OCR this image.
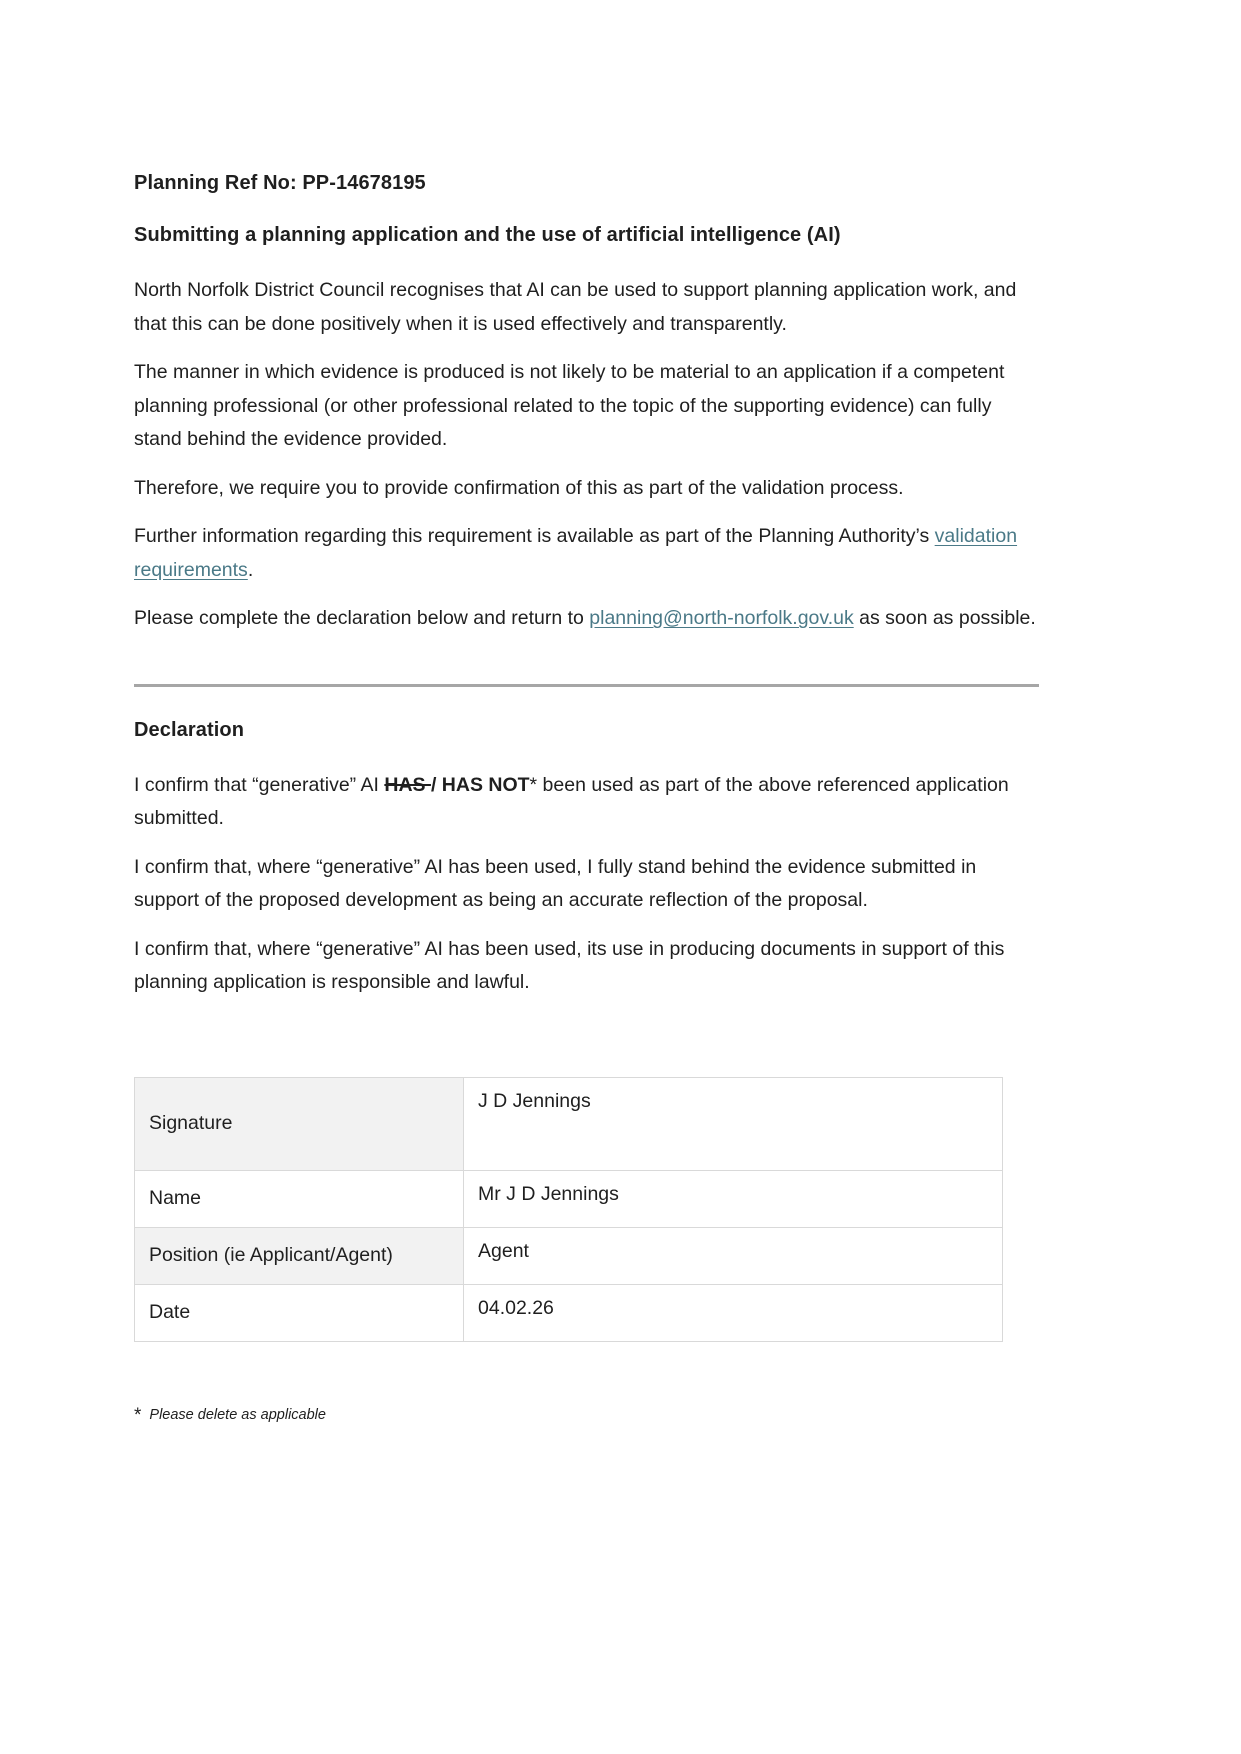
Planning Ref No: PP-14678195
Submitting a planning application and the use of artificial intelligence (AI)

North Norfolk District Council recognises that AI can be used to support planning application work, and that this can be done positively when it is used effectively and transparently.

The manner in which evidence is produced is not likely to be material to an application if a competent planning professional (or other professional related to the topic of the supporting evidence) can fully stand behind the evidence provided.

Therefore, we require you to provide confirmation of this as part of the validation process.

Further information regarding this requirement is available as part of the Planning Authority’s validation requirements.

Please complete the declaration below and return to planning@north-norfolk.gov.uk as soon as possible.

Declaration

I confirm that “generative” AI HAS / HAS NOT* been used as part of the above referenced application submitted.

I confirm that, where “generative” AI has been used, I fully stand behind the evidence submitted in support of the proposed development as being an accurate reflection of the proposal.

I confirm that, where “generative” AI has been used, its use in producing documents in support of this planning application is responsible and lawful.

Signature	J D Jennings
Name	Mr J D Jennings
Position (ie Applicant/Agent)	Agent
Date	04.02.26

* Please delete as applicable
